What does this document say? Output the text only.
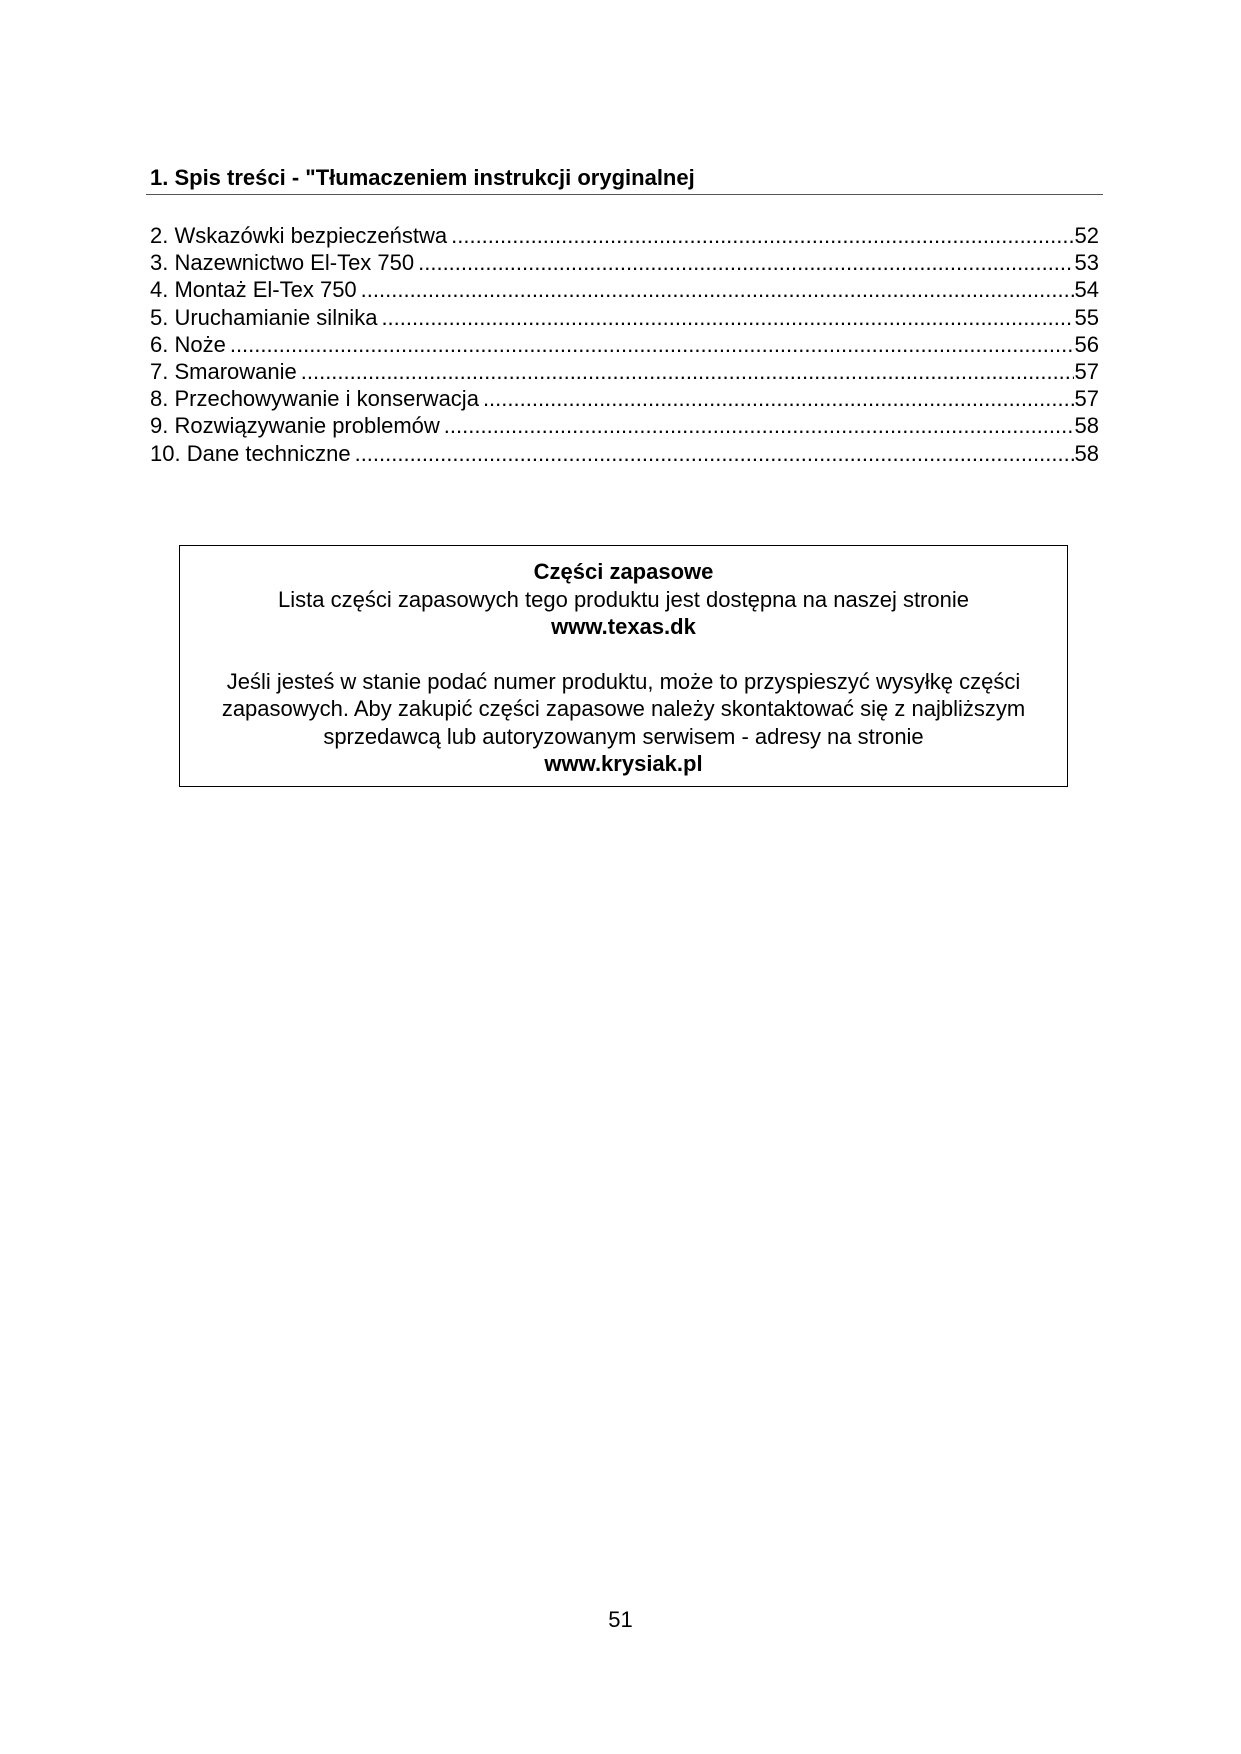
1. Spis treści - "Tłumaczeniem instrukcji oryginalnej
2. Wskazówki bezpieczeństwa .....	52
3. Nazewnictwo El-Tex 750 .....	53
4. Montaż El-Tex 750 .....	54
5. Uruchamianie silnika .....	55
6. Noże .....	56
7. Smarowanie .....	57
8. Przechowywanie i konserwacja .....	57
9. Rozwiązywanie problemów .....	58
10. Dane techniczne .....	58

Części zapasowe

Lista części zapasowych tego produktu jest dostępna na naszej stronie

www.texas.dk

Jeśli jesteś w stanie podać numer produktu, może to przyspieszyć wysyłkę części zapasowych. Aby zakupić części zapasowe należy skontaktować się z najbliższym sprzedawcą lub autoryzowanym serwisem - adresy na stronie

www.krysiak.pl

51
